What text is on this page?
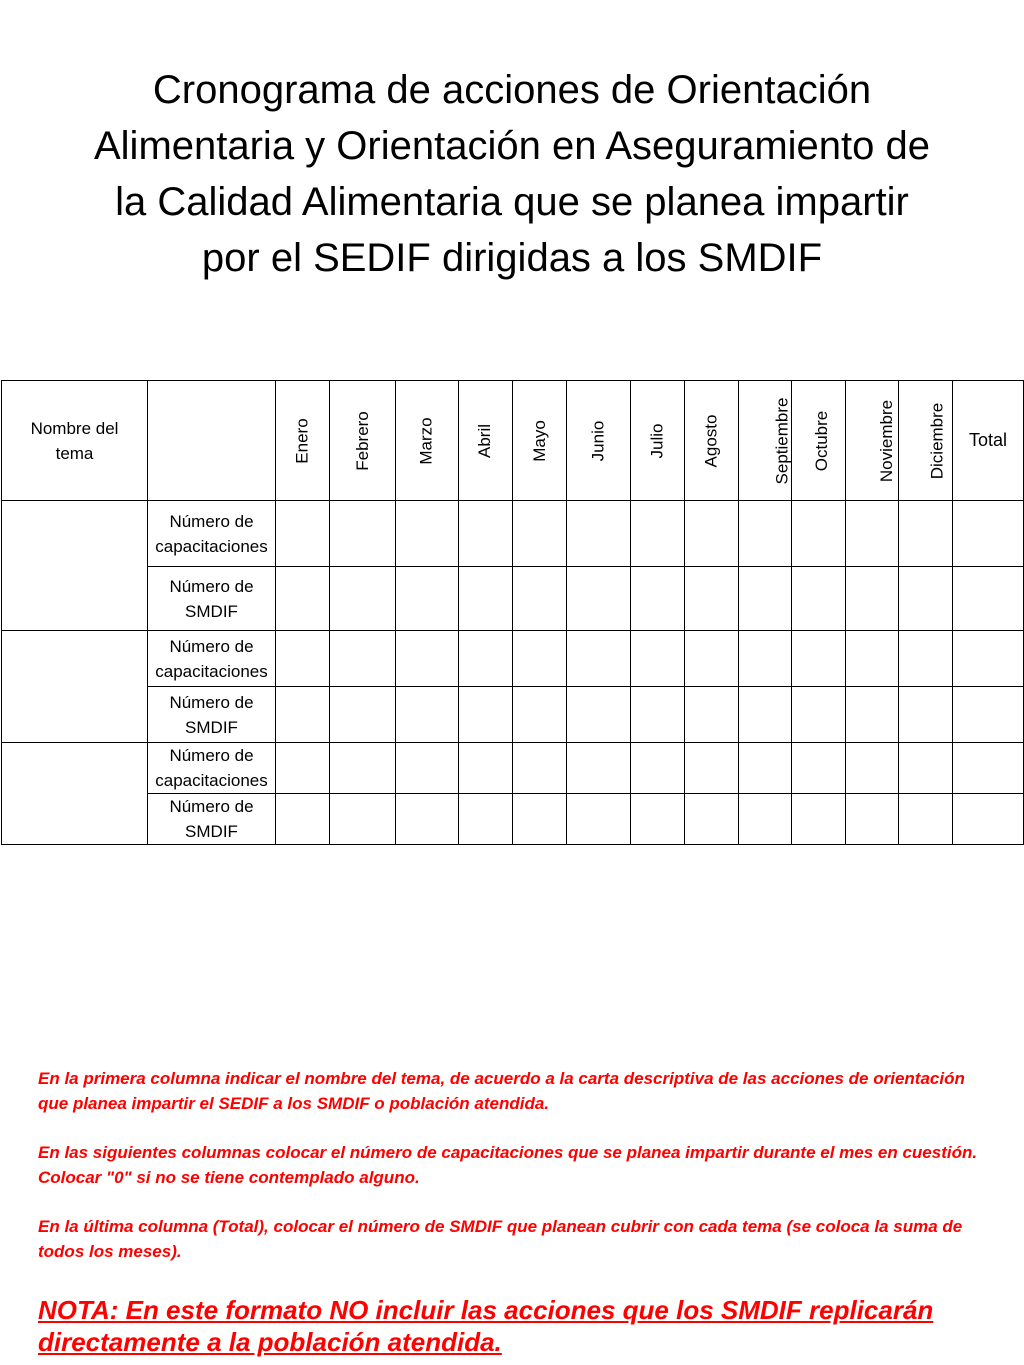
Cronograma de acciones de Orientación
Alimentaria y Orientación en Aseguramiento de
la Calidad Alimentaria que se planea impartir
por el SEDIF dirigidas a los SMDIF
Nombre del
tema		Enero	Febrero	Marzo	Abril	Mayo	Junio	Julio	Agosto	Septiembre	Octubre	Noviembre	Diciembre	Total
	Número de
capacitaciones													
	Número de
SMDIF													
	Número de
capacitaciones													
	Número de
SMDIF													
	Número de
capacitaciones													
	Número de
SMDIF													

En la primera columna indicar el nombre del tema, de acuerdo a la carta descriptiva de las acciones de orientación que planea impartir el SEDIF a los SMDIF o población atendida.

En las siguientes columnas colocar el número de capacitaciones que se planea impartir durante el mes en cuestión. Colocar "0" si no se tiene contemplado alguno.

En la última columna (Total), colocar el número de SMDIF que planean cubrir con cada tema (se coloca la suma de todos los meses).

NOTA: En este formato NO incluir las acciones que los SMDIF replicarán directamente a la población atendida.
